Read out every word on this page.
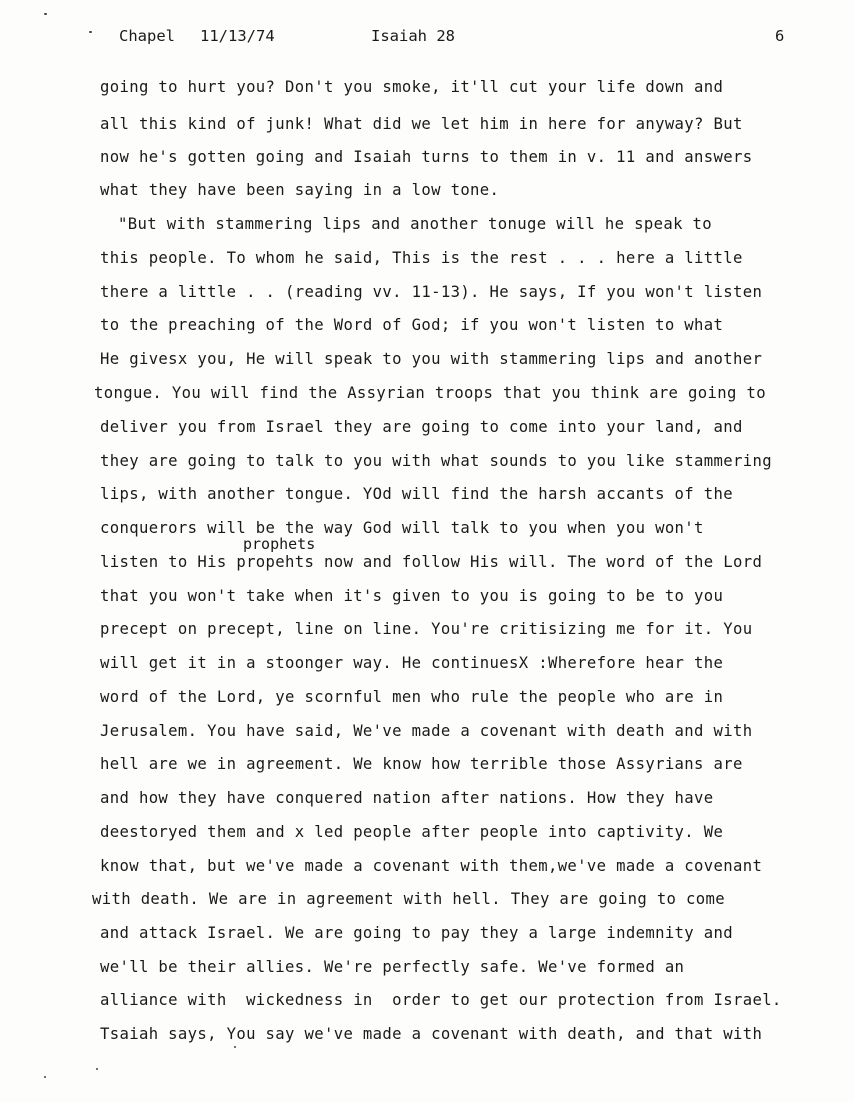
Chapel 11/13/74	Isaiah 28	6
going to hurt you? Don't you smoke, it'll cut your life down and
all this kind of junk! What did we let him in here for anyway? But
now he's gotten going and Isaiah turns to them in v. 11 and answers
what they have been saying in a low tone.
"But with stammering lips and another tonuge will he speak to
this people. To whom he said, This is the rest . . . here a little
there a little . . (reading vv. 11-13). He says, If you won't listen
to the preaching of the Word of God; if you won't listen to what
He givesx you, He will speak to you with stammering lips and another
tongue. You will find the Assyrian troops that you think are going to
deliver you from Israel they are going to come into your land, and
they are going to talk to you with what sounds to you like stammering
lips, with another tongue. YOd will find the harsh accants of the
conquerors will be the way God will talk to you when you won't
prophets
listen to His propehts now and follow His will. The word of the Lord
that you won't take when it's given to you is going to be to you
precept on precept, line on line. You're critisizing me for it. You
will get it in a stoonger way. He continuesX :Wherefore hear the
word of the Lord, ye scornful men who rule the people who are in
Jerusalem. You have said, We've made a covenant with death and with
hell are we in agreement. We know how terrible those Assyrians are
and how they have conquered nation after nations. How they have
deestoryed them and x led people after people into captivity. We
know that, but we've made a covenant with them,we've made a covenant
with death. We are in agreement with hell. They are going to come
and attack Israel. We are going to pay they a large indemnity and
we'll be their allies. We're perfectly safe. We've formed an
alliance with  wickedness in  order to get our protection from Israel.
Tsaiah says, You say we've made a covenant with death, and that with
